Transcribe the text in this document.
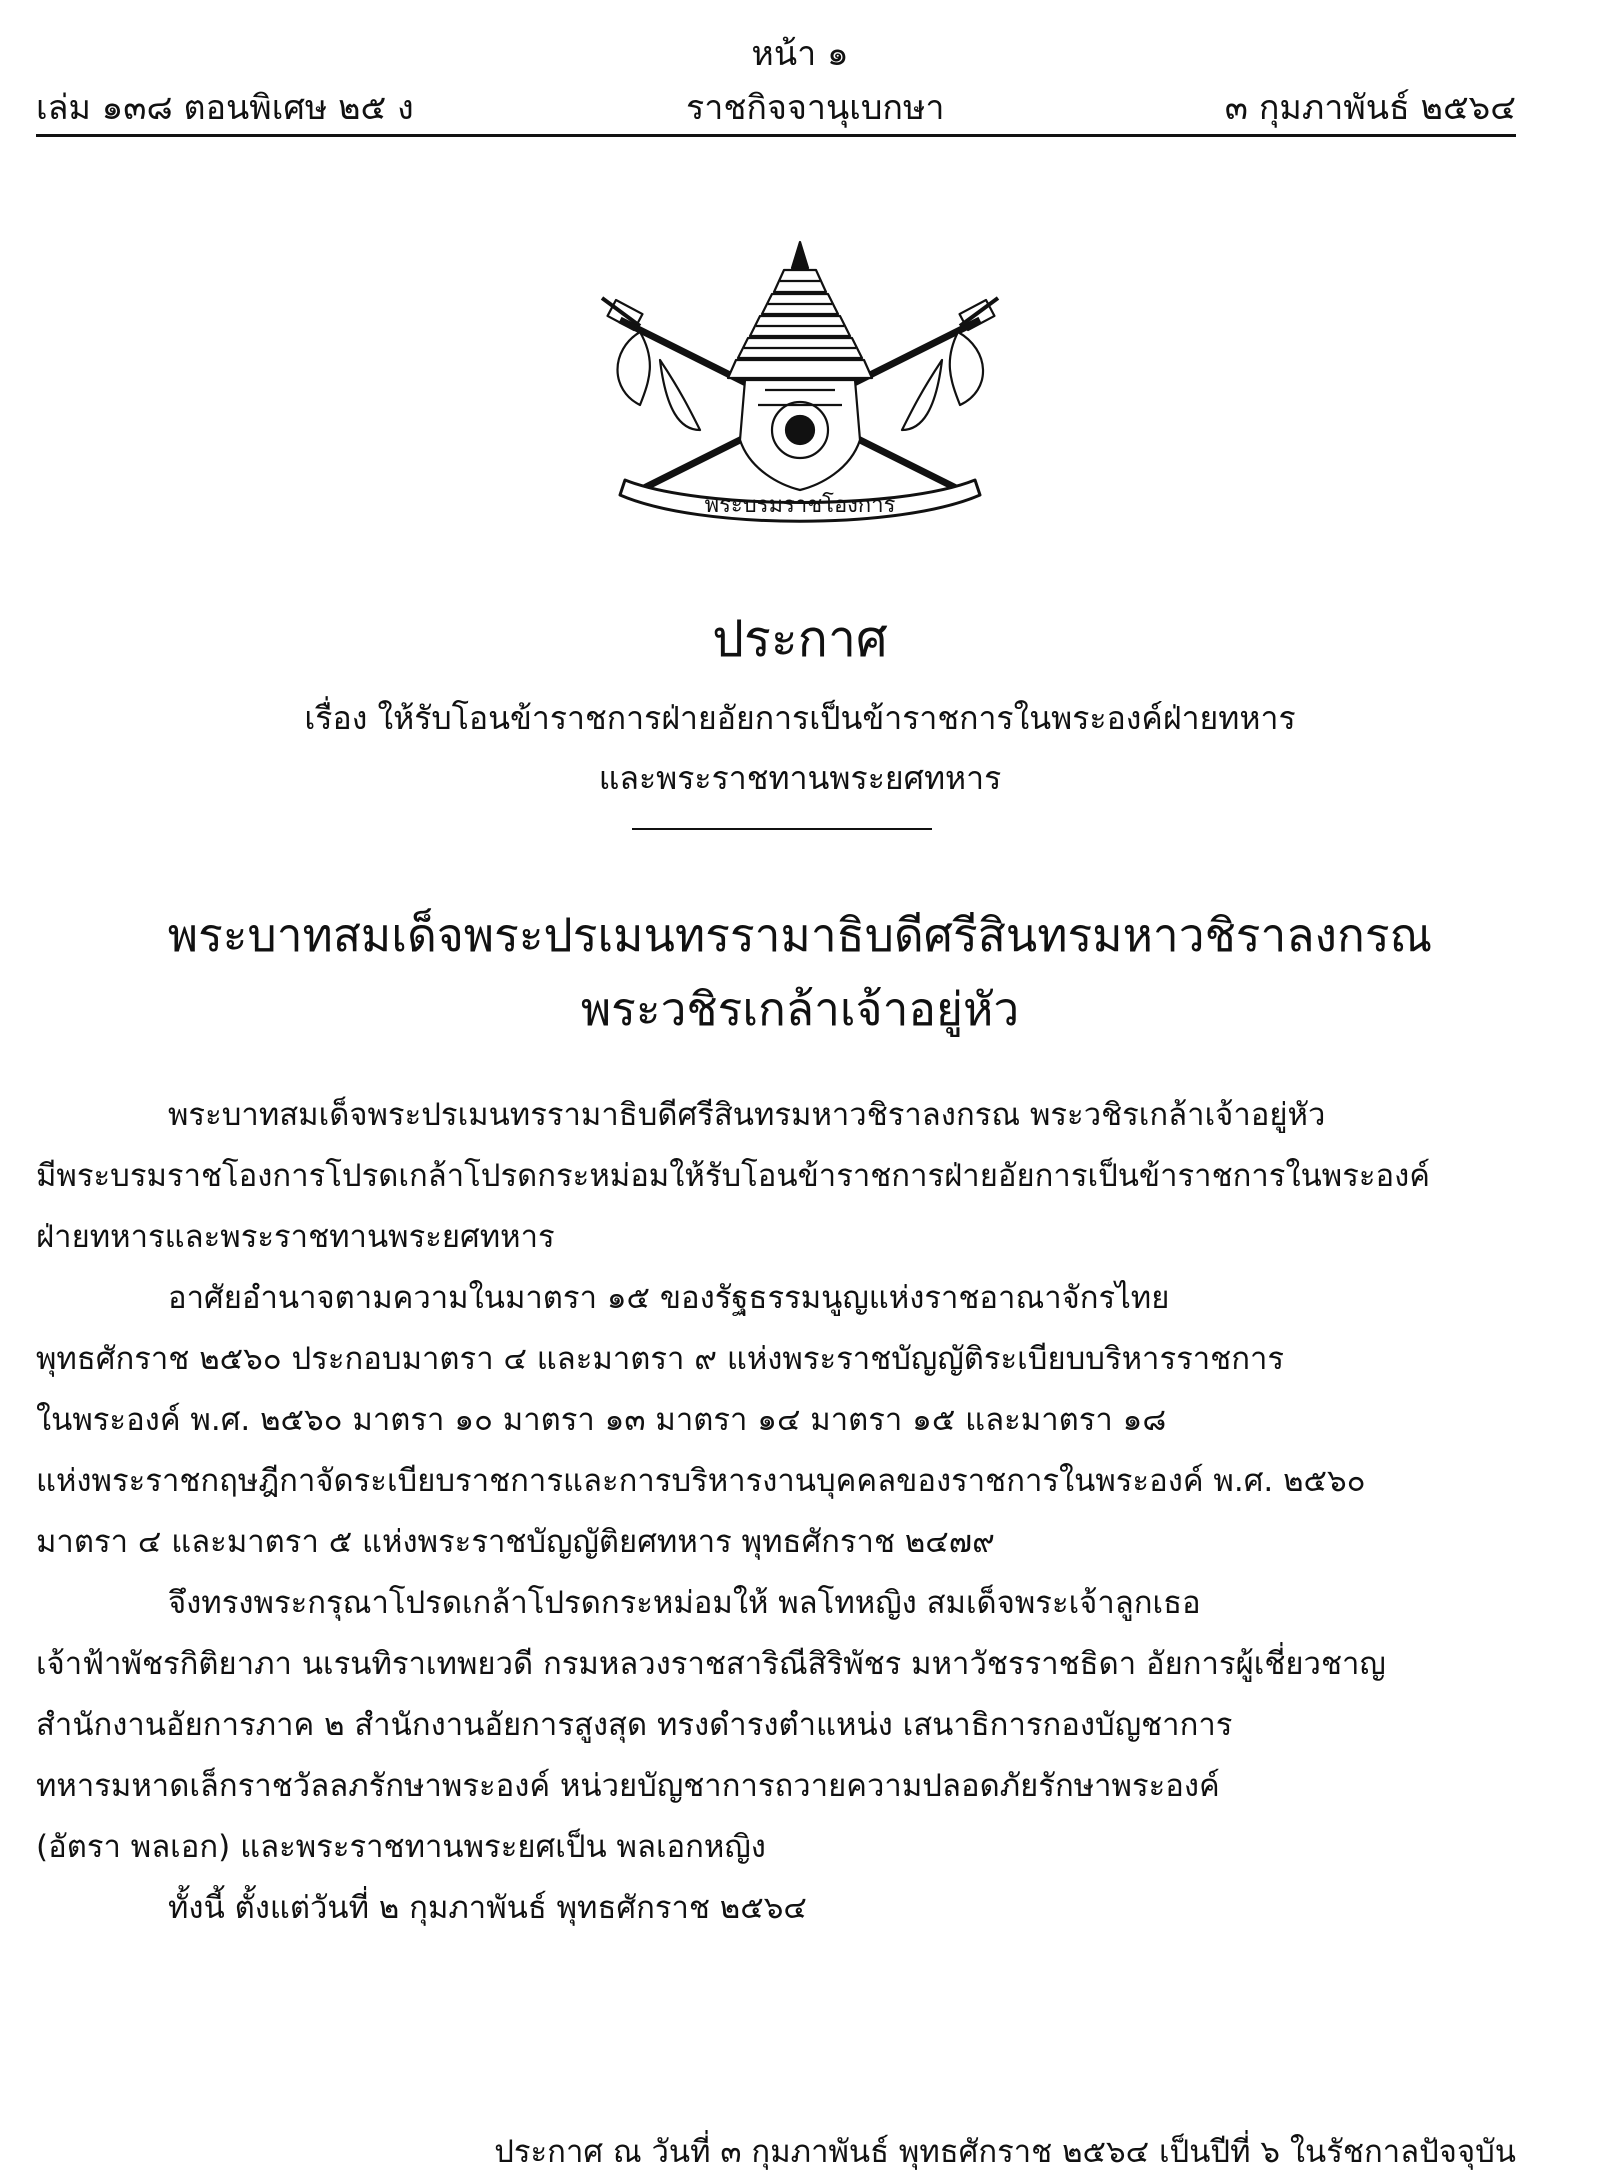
หน้า ๑
เล่ม ๑๓๘ ตอนพิเศษ ๒๕ ง	ราชกิจจานุเบกษา	๓ กุมภาพันธ์ ๒๕๖๔
พระบรมราชโองการ
ประกาศ
เรื่อง ให้รับโอนข้าราชการฝ่ายอัยการเป็นข้าราชการในพระองค์ฝ่ายทหาร
และพระราชทานพระยศทหาร
พระบาทสมเด็จพระปรเมนทรรามาธิบดีศรีสินทรมหาวชิราลงกรณ
พระวชิรเกล้าเจ้าอยู่หัว
พระบาทสมเด็จพระปรเมนทรรามาธิบดีศรีสินทรมหาวชิราลงกรณ พระวชิรเกล้าเจ้าอยู่หัว
มีพระบรมราชโองการโปรดเกล้าโปรดกระหม่อมให้รับโอนข้าราชการฝ่ายอัยการเป็นข้าราชการในพระองค์
ฝ่ายทหารและพระราชทานพระยศทหาร
อาศัยอำนาจตามความในมาตรา ๑๕ ของรัฐธรรมนูญแห่งราชอาณาจักรไทย
พุทธศักราช ๒๕๖๐ ประกอบมาตรา ๔ และมาตรา ๙ แห่งพระราชบัญญัติระเบียบบริหารราชการ
ในพระองค์ พ.ศ. ๒๕๖๐ มาตรา ๑๐ มาตรา ๑๓ มาตรา ๑๔ มาตรา ๑๕ และมาตรา ๑๘
แห่งพระราชกฤษฎีกาจัดระเบียบราชการและการบริหารงานบุคคลของราชการในพระองค์ พ.ศ. ๒๕๖๐
มาตรา ๔ และมาตรา ๕ แห่งพระราชบัญญัติยศทหาร พุทธศักราช ๒๔๗๙
จึงทรงพระกรุณาโปรดเกล้าโปรดกระหม่อมให้ พลโทหญิง สมเด็จพระเจ้าลูกเธอ
เจ้าฟ้าพัชรกิติยาภา นเรนทิราเทพยวดี กรมหลวงราชสาริณีสิริพัชร มหาวัชรราชธิดา อัยการผู้เชี่ยวชาญ
สำนักงานอัยการภาค ๒ สำนักงานอัยการสูงสุด ทรงดำรงตำแหน่ง เสนาธิการกองบัญชาการ
ทหารมหาดเล็กราชวัลลภรักษาพระองค์ หน่วยบัญชาการถวายความปลอดภัยรักษาพระองค์
(อัตรา พลเอก) และพระราชทานพระยศเป็น พลเอกหญิง
ทั้งนี้ ตั้งแต่วันที่ ๒ กุมภาพันธ์ พุทธศักราช ๒๕๖๔
ประกาศ ณ วันที่ ๓ กุมภาพันธ์ พุทธศักราช ๒๕๖๔ เป็นปีที่ ๖ ในรัชกาลปัจจุบัน
